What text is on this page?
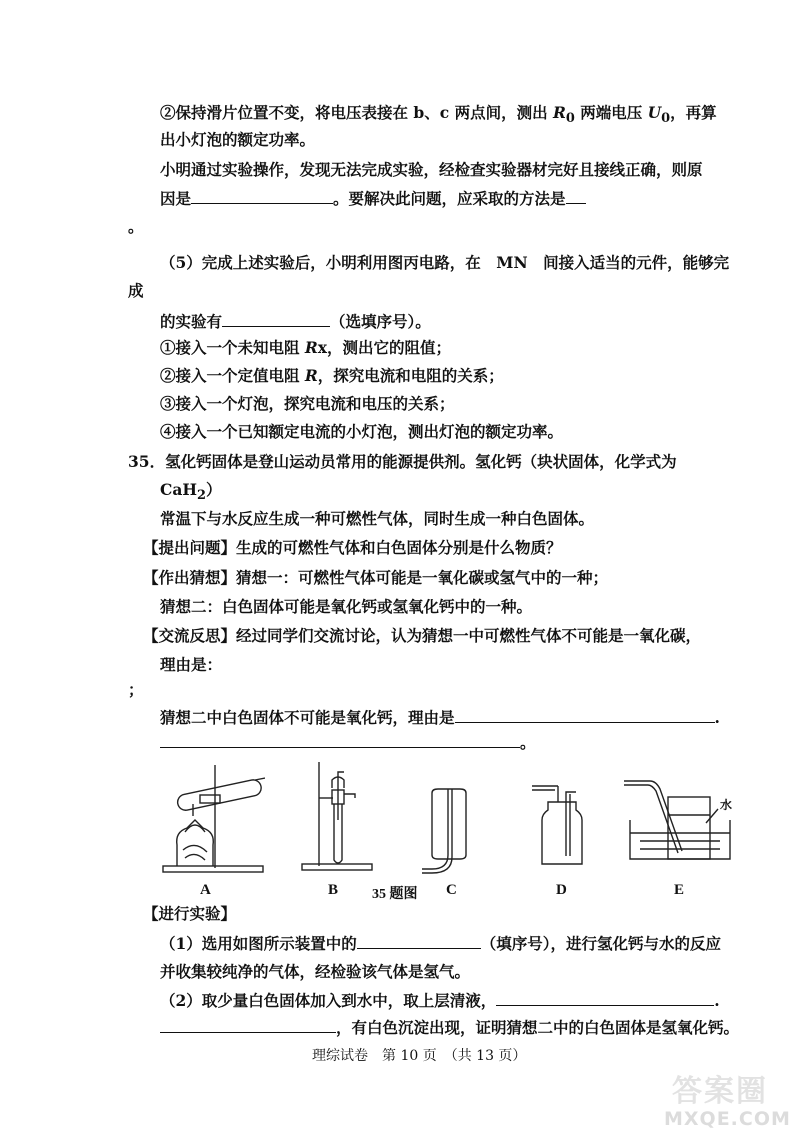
②保持滑片位置不变，将电压表接在 b、c 两点间，测出 $R_0$ 两端电压 $U_0$，再算
出小灯泡的额定功率。
小明通过实验操作，发现无法完成实验，经检查实验器材完好且接线正确，则原
因是	。要解决此问题，应采取的方法是
。
（5）完成上述实验后，小明利用图丙电路，在　MN　间接入适当的元件，能够完
成
的实验有	（选填序号）。
①接入一个未知电阻 Rx，测出它的阻值；
②接入一个定值电阻 R，探究电流和电阻的关系；
③接入一个灯泡，探究电流和电压的关系；
④接入一个已知额定电流的小灯泡，测出灯泡的额定功率。
35．氢化钙固体是登山运动员常用的能源提供剂。氢化钙（块状固体，化学式为
CaH$_2$）
常温下与水反应生成一种可燃性气体，同时生成一种白色固体。
【提出问题】生成的可燃性气体和白色固体分别是什么物质？
【作出猜想】猜想一：可燃性气体可能是一氧化碳或氢气中的一种；
猜想二：白色固体可能是氧化钙或氢氧化钙中的一种。
【交流反思】经过同学们交流讨论，认为猜想一中可燃性气体不可能是一氧化碳，
理由是：
；
猜想二中白色固体不可能是氧化钙，理由是	.
。
水
A	B 35 题图 C	D	E
【进行实验】
（1）选用如图所示装置中的	（填序号），进行氢化钙与水的反应
并收集较纯净的气体，经检验该气体是氢气。
（2）取少量白色固体加入到水中，取上层清液，	.
，有白色沉淀出现，证明猜想二中的白色固体是氢氧化钙。
理综试卷　第 10 页　（共 13 页）
答案圈
MXQE.COM
